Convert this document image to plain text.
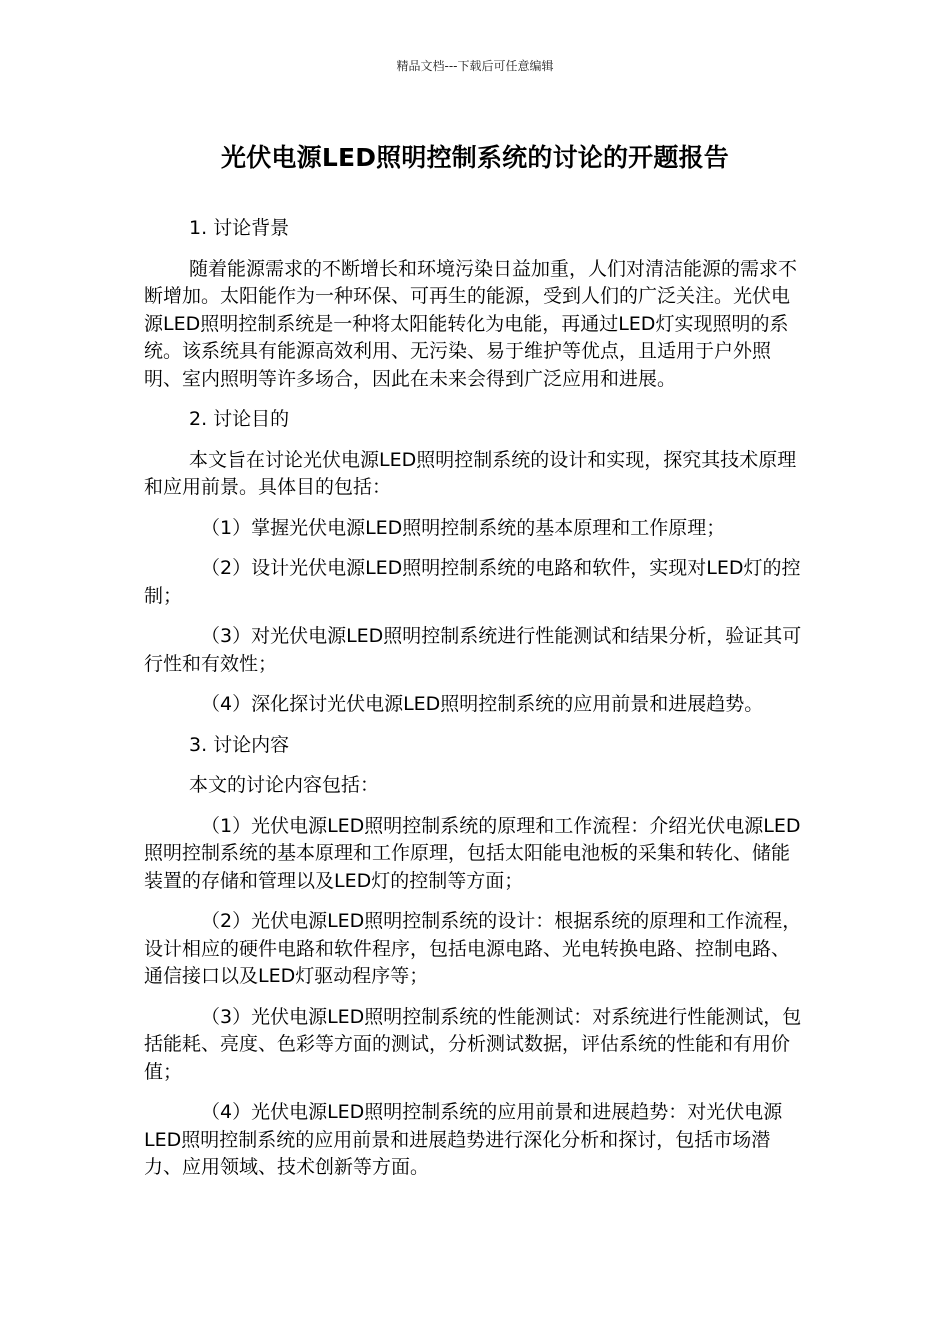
精品文档---下载后可任意编辑
光伏电源LED照明控制系统的讨论的开题报告

1. 讨论背景

随着能源需求的不断增长和环境污染日益加重，人们对清洁能源的需求不断增加。太阳能作为一种环保、可再生的能源，受到人们的广泛关注。光伏电源LED照明控制系统是一种将太阳能转化为电能，再通过LED灯实现照明的系统。该系统具有能源高效利用、无污染、易于维护等优点，且适用于户外照明、室内照明等许多场合，因此在未来会得到广泛应用和进展。

2. 讨论目的

本文旨在讨论光伏电源LED照明控制系统的设计和实现，探究其技术原理和应用前景。具体目的包括：

（1）掌握光伏电源LED照明控制系统的基本原理和工作原理；

（2）设计光伏电源LED照明控制系统的电路和软件，实现对LED灯的控制；

（3）对光伏电源LED照明控制系统进行性能测试和结果分析，验证其可行性和有效性；

（4）深化探讨光伏电源LED照明控制系统的应用前景和进展趋势。

3. 讨论内容

本文的讨论内容包括：

（1）光伏电源LED照明控制系统的原理和工作流程：介绍光伏电源LED照明控制系统的基本原理和工作原理，包括太阳能电池板的采集和转化、储能装置的存储和管理以及LED灯的控制等方面；

（2）光伏电源LED照明控制系统的设计：根据系统的原理和工作流程，设计相应的硬件电路和软件程序，包括电源电路、光电转换电路、控制电路、通信接口以及LED灯驱动程序等；

（3）光伏电源LED照明控制系统的性能测试：对系统进行性能测试，包括能耗、亮度、色彩等方面的测试，分析测试数据，评估系统的性能和有用价值；

（4）光伏电源LED照明控制系统的应用前景和进展趋势：对光伏电源LED照明控制系统的应用前景和进展趋势进行深化分析和探讨，包括市场潜力、应用领域、技术创新等方面。
